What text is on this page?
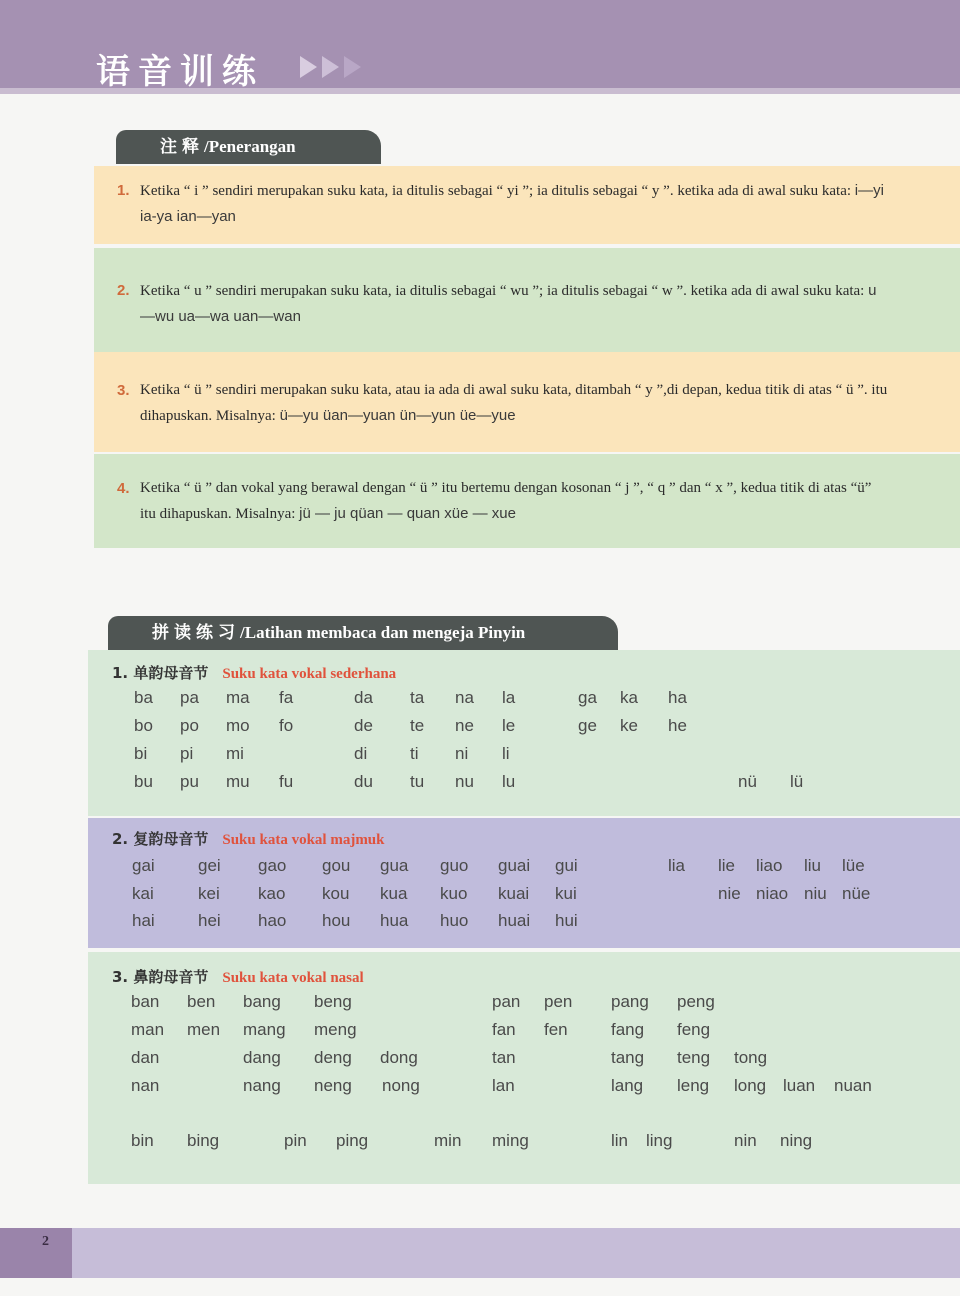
语音训练
注释/Penerangan
1. Ketika “ i ” sendiri merupakan suku kata, ia ditulis sebagai “ yi ”; ia ditulis sebagai “ y ”. ketika ada di awal suku kata: i—yi ia-ya ian—yan
2. Ketika “ u ” sendiri merupakan suku kata, ia ditulis sebagai “ wu ”; ia ditulis sebagai “ w ”. ketika ada di awal suku kata: u—wu ua—wa uan—wan
3. Ketika “ ü ” sendiri merupakan suku kata, atau ia ada di awal suku kata, ditambah “ y ”,di depan, kedua titik di atas “ ü ”. itu dihapuskan. Misalnya: ü—yu üan—yuan ün—yun üe—yue
4. Ketika “ ü ” dan vokal yang berawal dengan “ ü ” itu bertemu dengan kosonan “ j ”, “ q ” dan “ x ”, kedua titik di atas “ü” itu dihapuskan. Misalnya: jü — ju qüan — quan xüe — xue
拼读练习/Latihan membaca dan mengeja Pinyin
1. 单韵母音节 Suku kata vokal sederhana
2. 复韵母音节 Suku kata vokal majmuk
3. 鼻韵母音节 Suku kata vokal nasal
ba pa ma fa	da ta na la	ga ka ha
bo po mo fo	de te ne le	ge ke he
bi pi mi	di	ti ni li
bu pu mu fu	du tu nu lu	nü lü
gai	gei gao gou gua guo guai gui	lia lie liao liu lüe
kai	kei kao kou kua kuo kuai kui	nie niao niu nüe
hai	hei hao hou hua huo huai hui
ban ben bang beng	pan pen pang peng
man men mang meng	fan fen	fang feng
dan	dang deng dong	tan	tang teng tong
nan	nang neng nong	lan	lang leng long luan nuan
bin bing	pin ping	min ming	lin ling	nin ning
2
